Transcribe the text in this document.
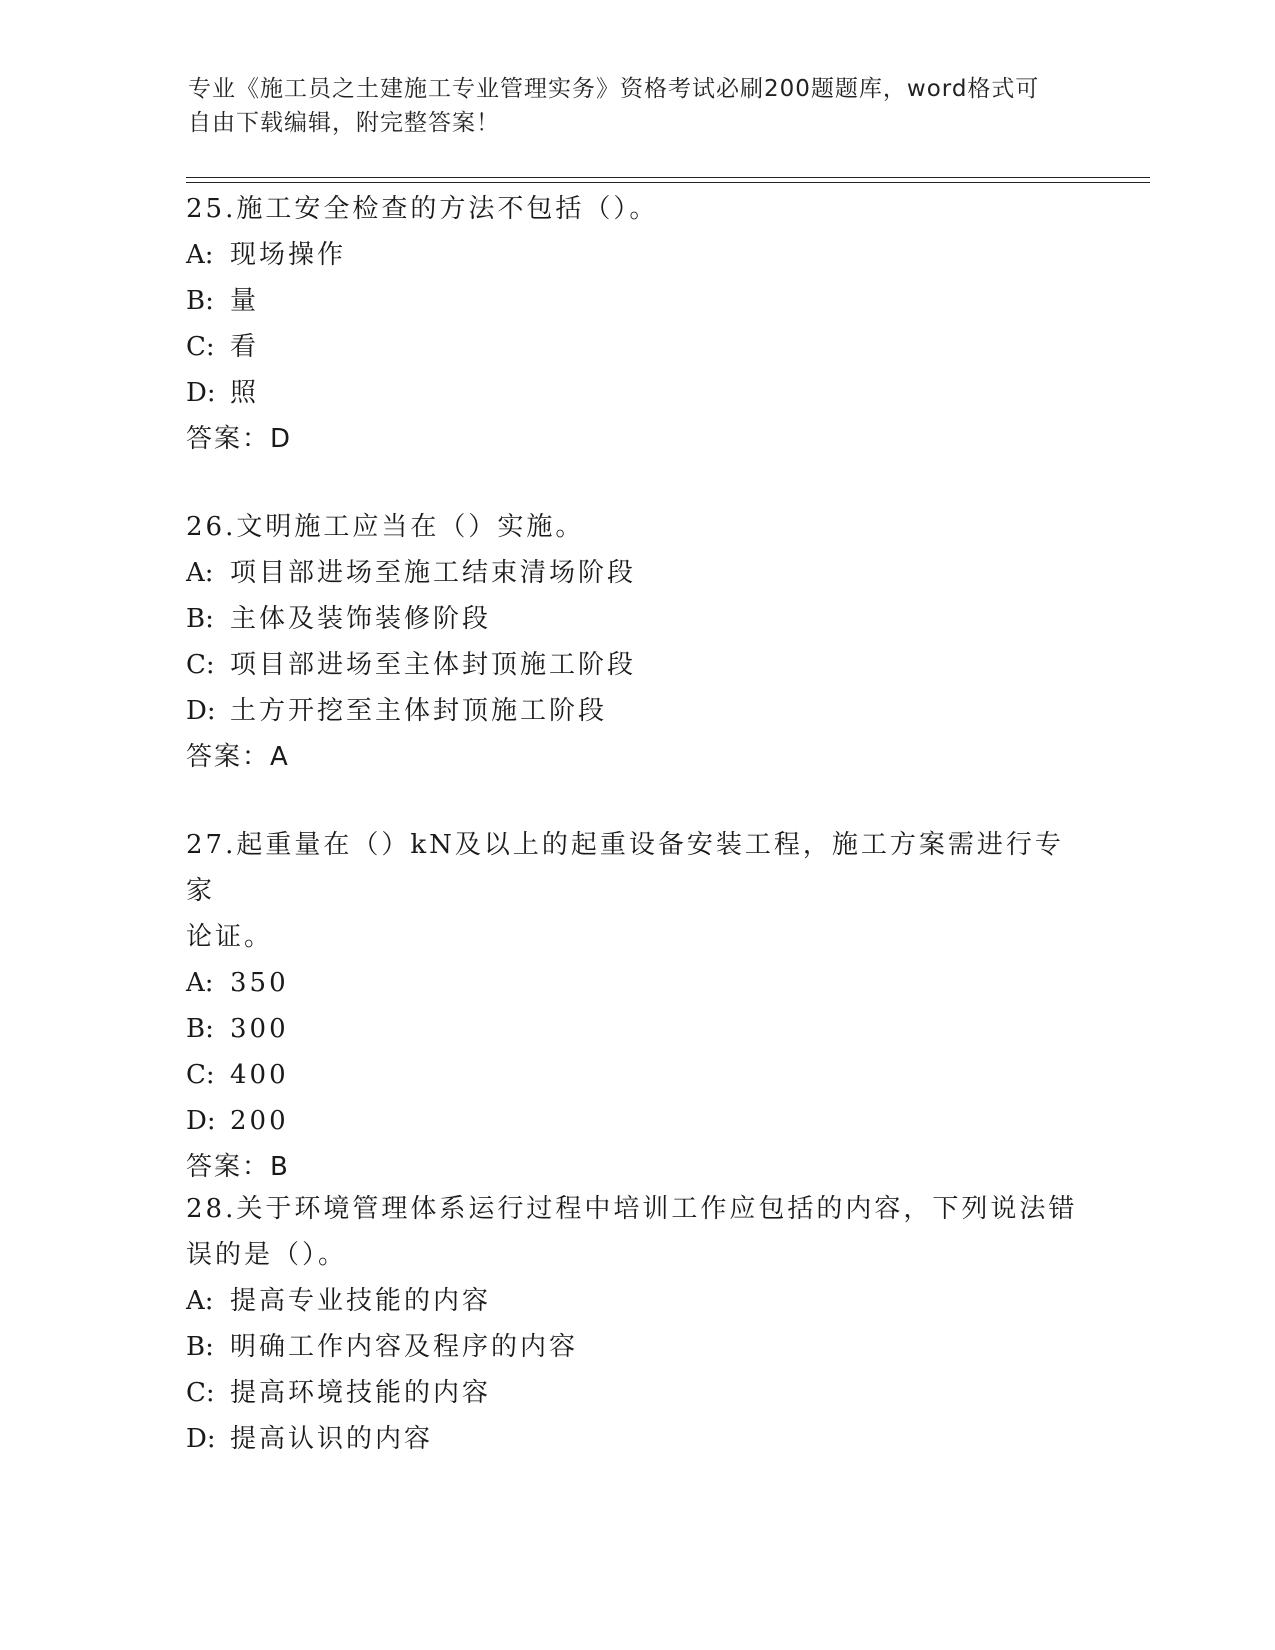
专业《施工员之土建施工专业管理实务》资格考试必刷200题题库，word格式可
自由下载编辑，附完整答案！
25.施工安全检查的方法不包括（）。
A: 现场操作
B: 量
C: 看
D: 照
答案：D
26.文明施工应当在（）实施。
A: 项目部进场至施工结束清场阶段
B: 主体及装饰装修阶段
C: 项目部进场至主体封顶施工阶段
D: 土方开挖至主体封顶施工阶段
答案：A
27.起重量在（）kN及以上的起重设备安装工程，施工方案需进行专家
论证。
A: 350
B: 300
C: 400
D: 200
答案：B
28.关于环境管理体系运行过程中培训工作应包括的内容，下列说法错
误的是（）。
A: 提高专业技能的内容
B: 明确工作内容及程序的内容
C: 提高环境技能的内容
D: 提高认识的内容
